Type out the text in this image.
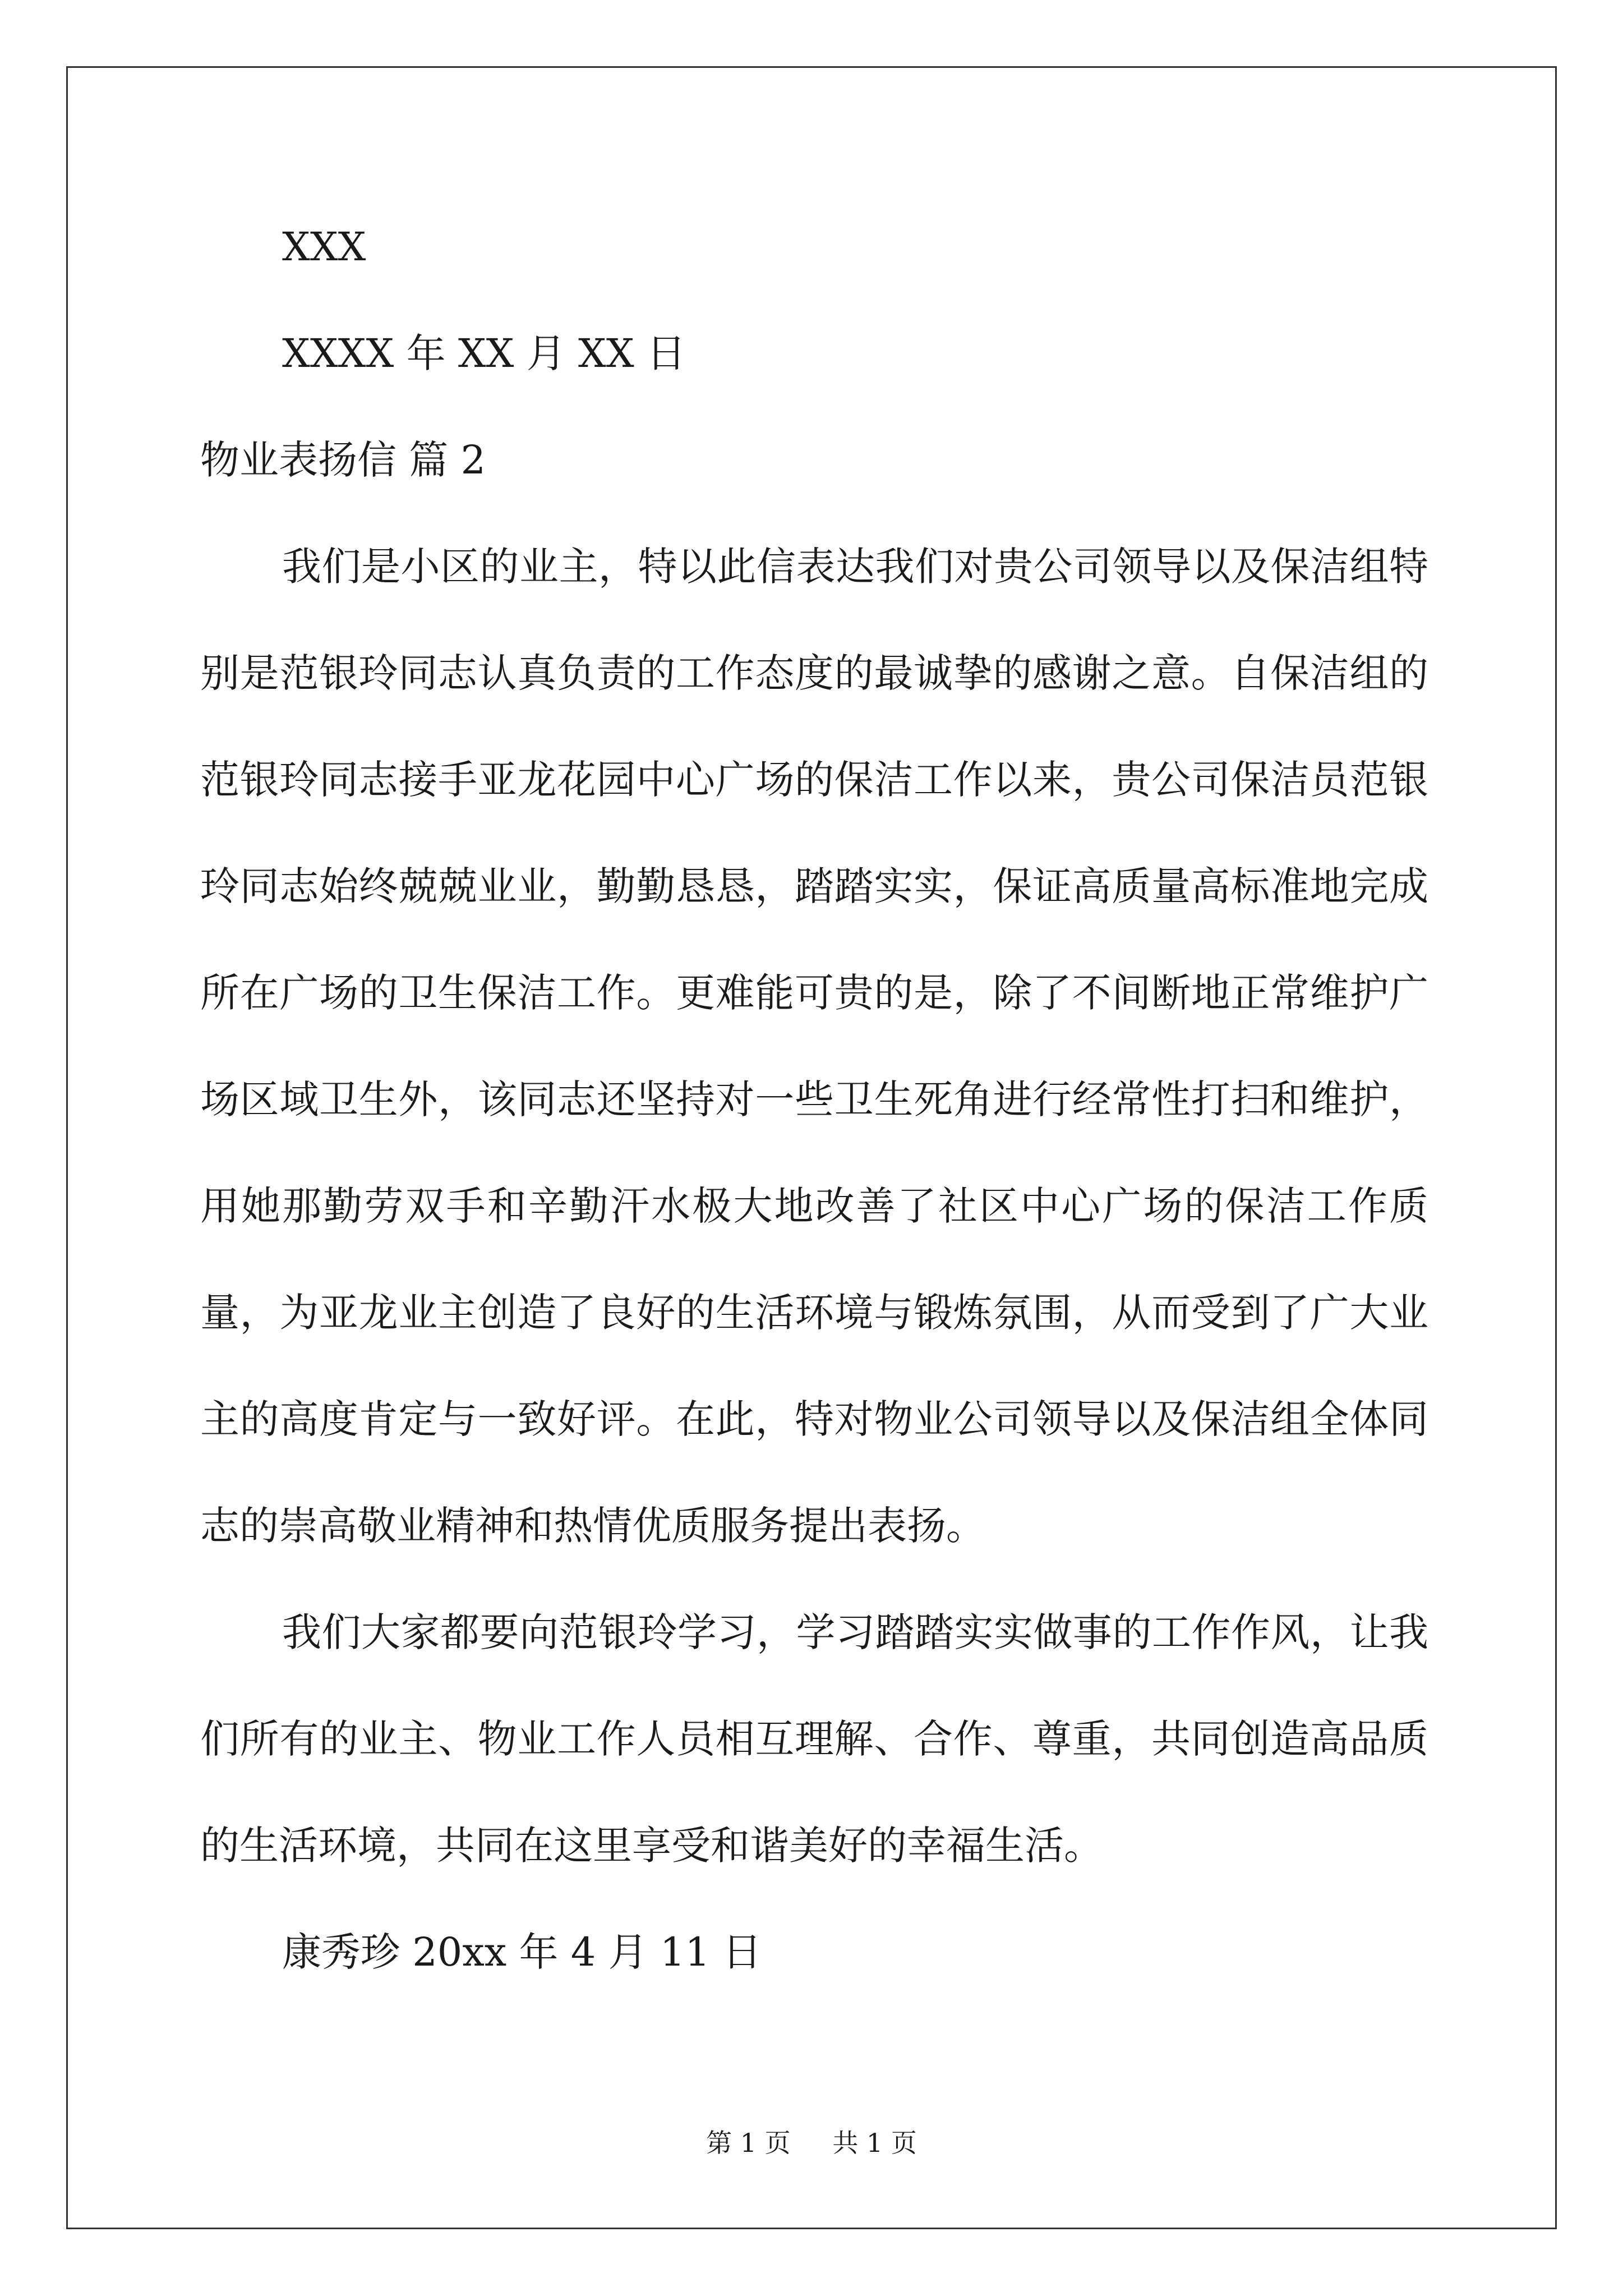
XXX
XXXX 年 XX 月 XX 日
物业表扬信 篇 2

我们是小区的业主，特以此信表达我们对贵公司领导以及保洁组特别是范银玲同志认真负责的工作态度的最诚挚的感谢之意。自保洁组的范银玲同志接手亚龙花园中心广场的保洁工作以来，贵公司保洁员范银玲同志始终兢兢业业，勤勤恳恳，踏踏实实，保证高质量高标准地完成所在广场的卫生保洁工作。更难能可贵的是，除了不间断地正常维护广场区域卫生外，该同志还坚持对一些卫生死角进行经常性打扫和维护，用她那勤劳双手和辛勤汗水极大地改善了社区中心广场的保洁工作质量，为亚龙业主创造了良好的生活环境与锻炼氛围，从而受到了广大业主的高度肯定与一致好评。在此，特对物业公司领导以及保洁组全体同志的崇高敬业精神和热情优质服务提出表扬。

我们大家都要向范银玲学习，学习踏踏实实做事的工作作风，让我们所有的业主、物业工作人员相互理解、合作、尊重，共同创造高品质的生活环境，共同在这里享受和谐美好的幸福生活。

康秀珍 20xx 年 4 月 11 日
第 1 页 共 1 页
